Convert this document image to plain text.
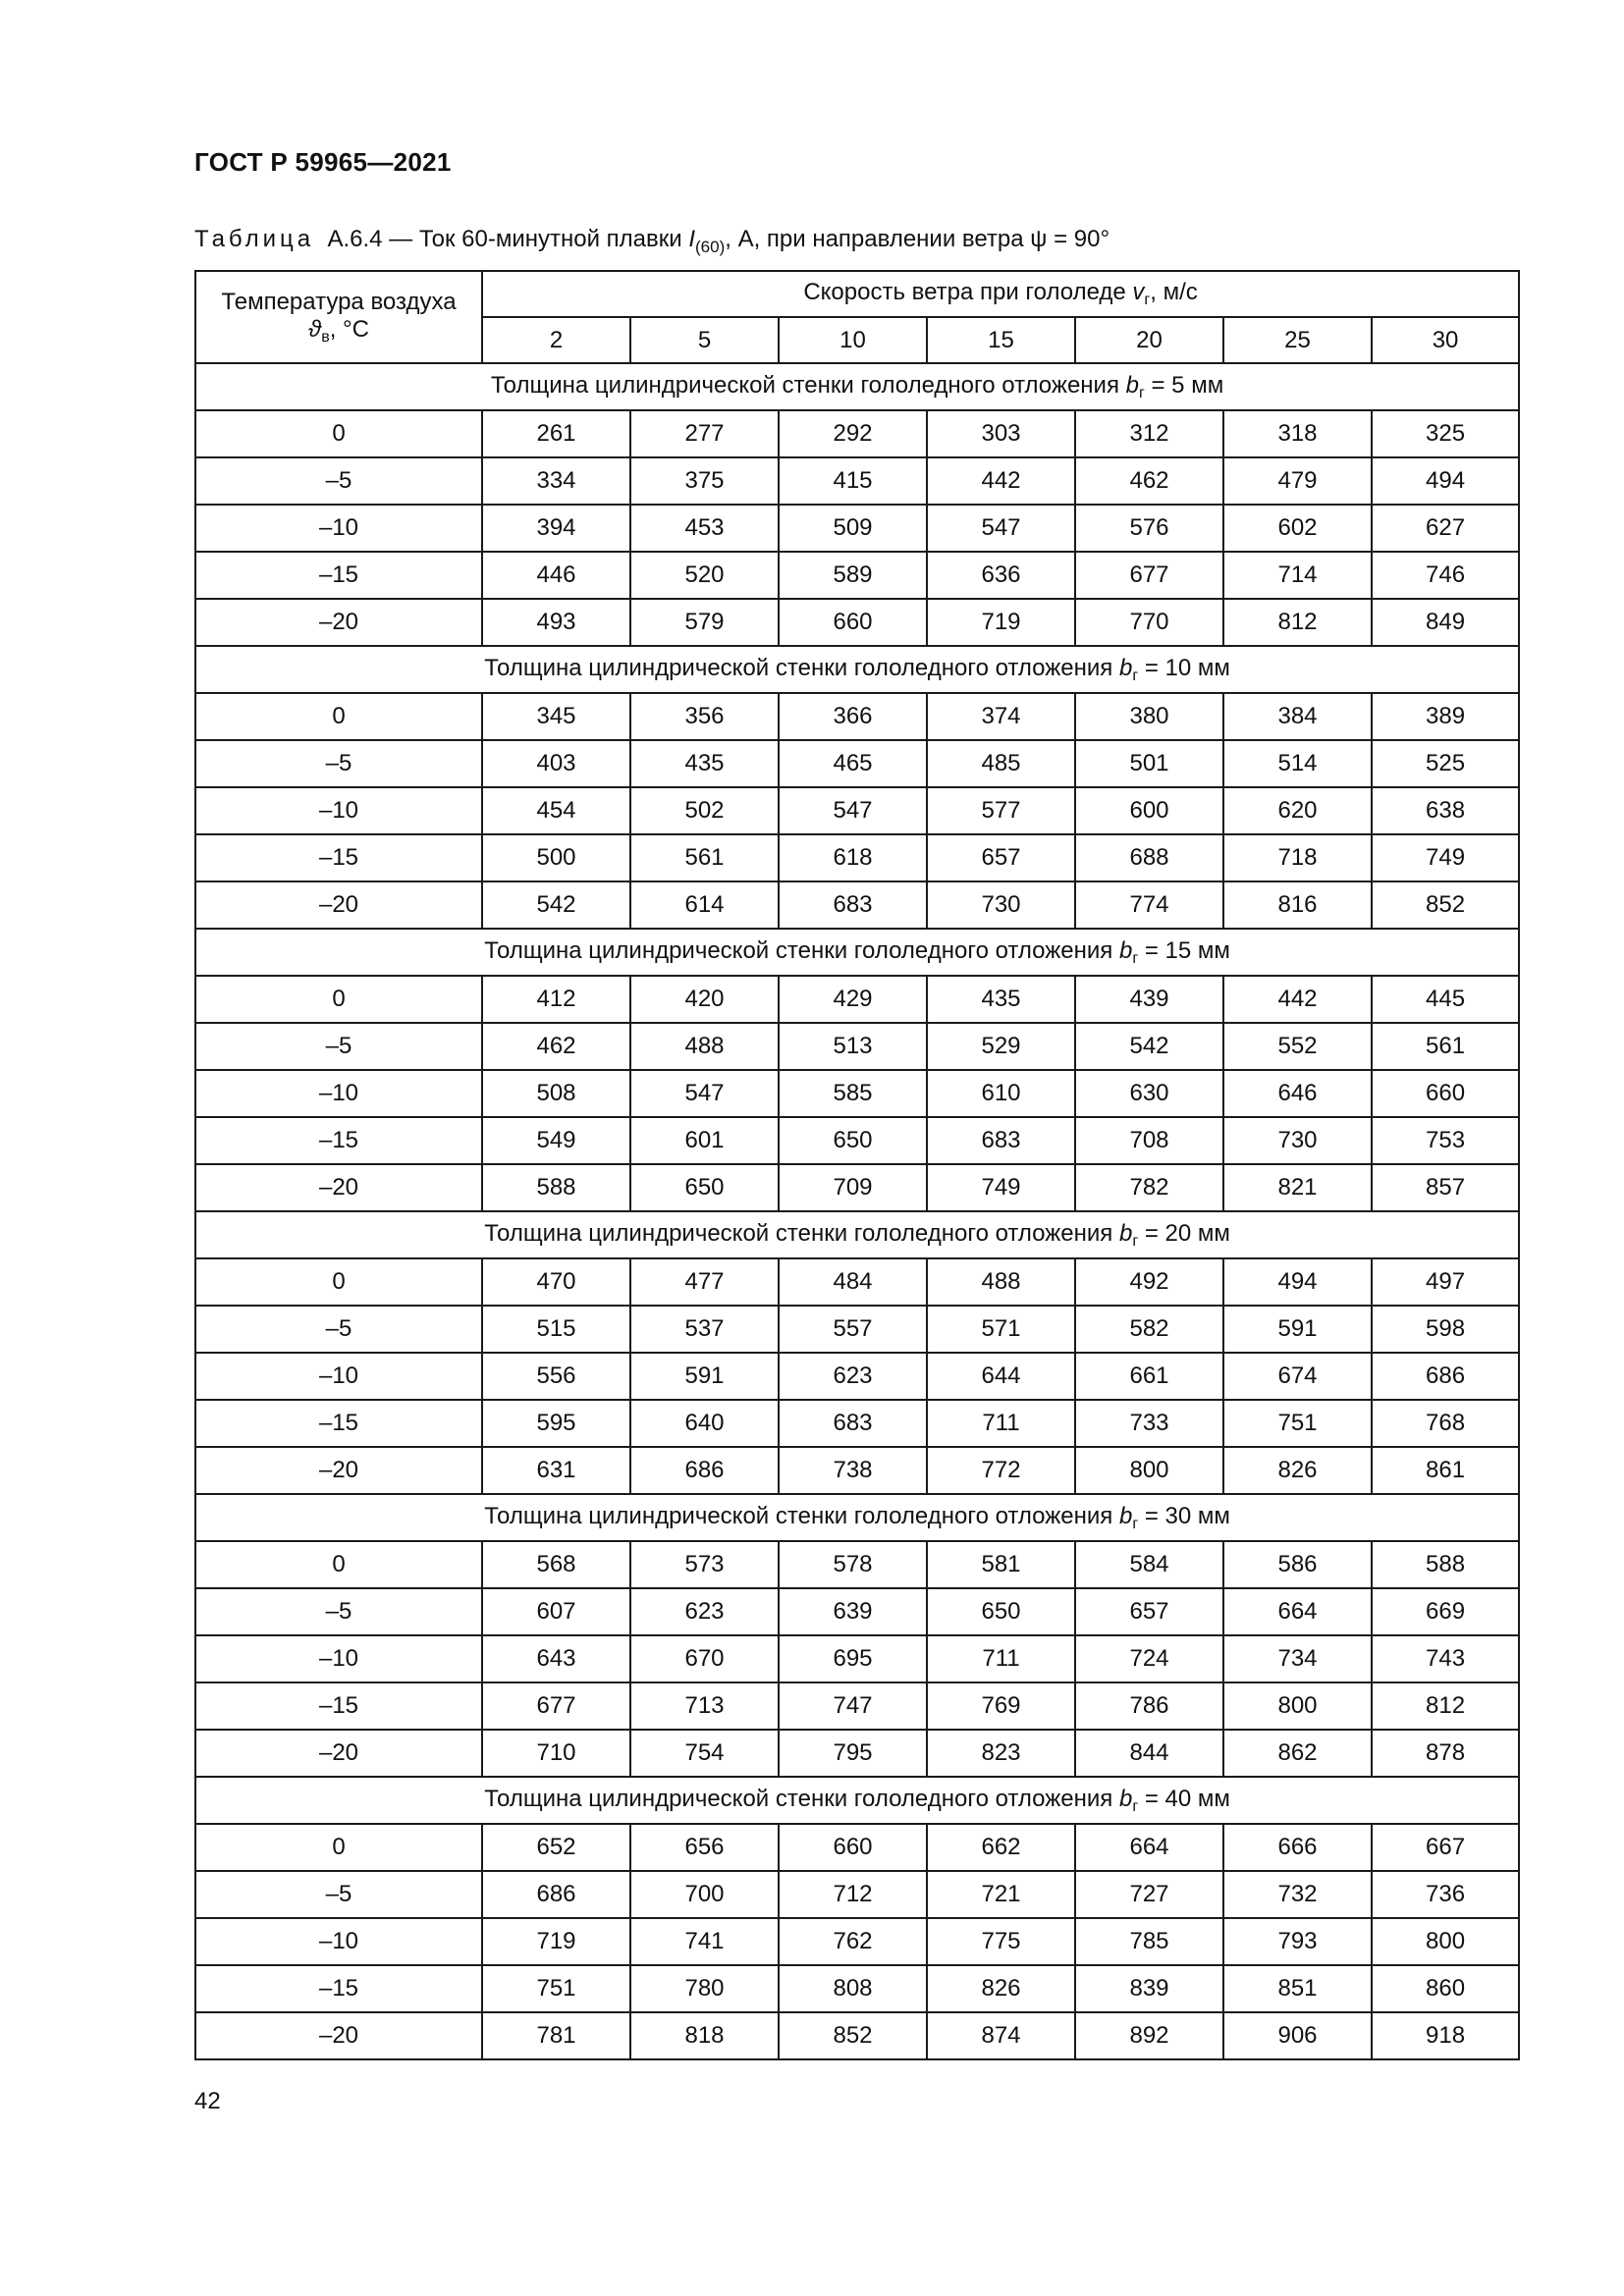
ГОСТ Р 59965—2021
Таблица А.6.4 — Ток 60-минутной плавки $I_{(60)}$, А, при направлении ветра ψ = 90°
Температура воздуха
$ϑ_в$, °С	Скорость ветра при гололеде $v_г$, м/с						
	2	5	10	15	20	25	30
Толщина цилиндрической стенки гололедного отложения $b_г = 5$ мм							
0	261	277	292	303	312	318	325
–5	334	375	415	442	462	479	494
–10	394	453	509	547	576	602	627
–15	446	520	589	636	677	714	746
–20	493	579	660	719	770	812	849
Толщина цилиндрической стенки гололедного отложения $b_г = 10$ мм							
0	345	356	366	374	380	384	389
–5	403	435	465	485	501	514	525
–10	454	502	547	577	600	620	638
–15	500	561	618	657	688	718	749
–20	542	614	683	730	774	816	852
Толщина цилиндрической стенки гололедного отложения $b_г = 15$ мм							
0	412	420	429	435	439	442	445
–5	462	488	513	529	542	552	561
–10	508	547	585	610	630	646	660
–15	549	601	650	683	708	730	753
–20	588	650	709	749	782	821	857
Толщина цилиндрической стенки гололедного отложения $b_г = 20$ мм							
0	470	477	484	488	492	494	497
–5	515	537	557	571	582	591	598
–10	556	591	623	644	661	674	686
–15	595	640	683	711	733	751	768
–20	631	686	738	772	800	826	861
Толщина цилиндрической стенки гололедного отложения $b_г = 30$ мм							
0	568	573	578	581	584	586	588
–5	607	623	639	650	657	664	669
–10	643	670	695	711	724	734	743
–15	677	713	747	769	786	800	812
–20	710	754	795	823	844	862	878
Толщина цилиндрической стенки гололедного отложения $b_г = 40$ мм							
0	652	656	660	662	664	666	667
–5	686	700	712	721	727	732	736
–10	719	741	762	775	785	793	800
–15	751	780	808	826	839	851	860
–20	781	818	852	874	892	906	918
42
